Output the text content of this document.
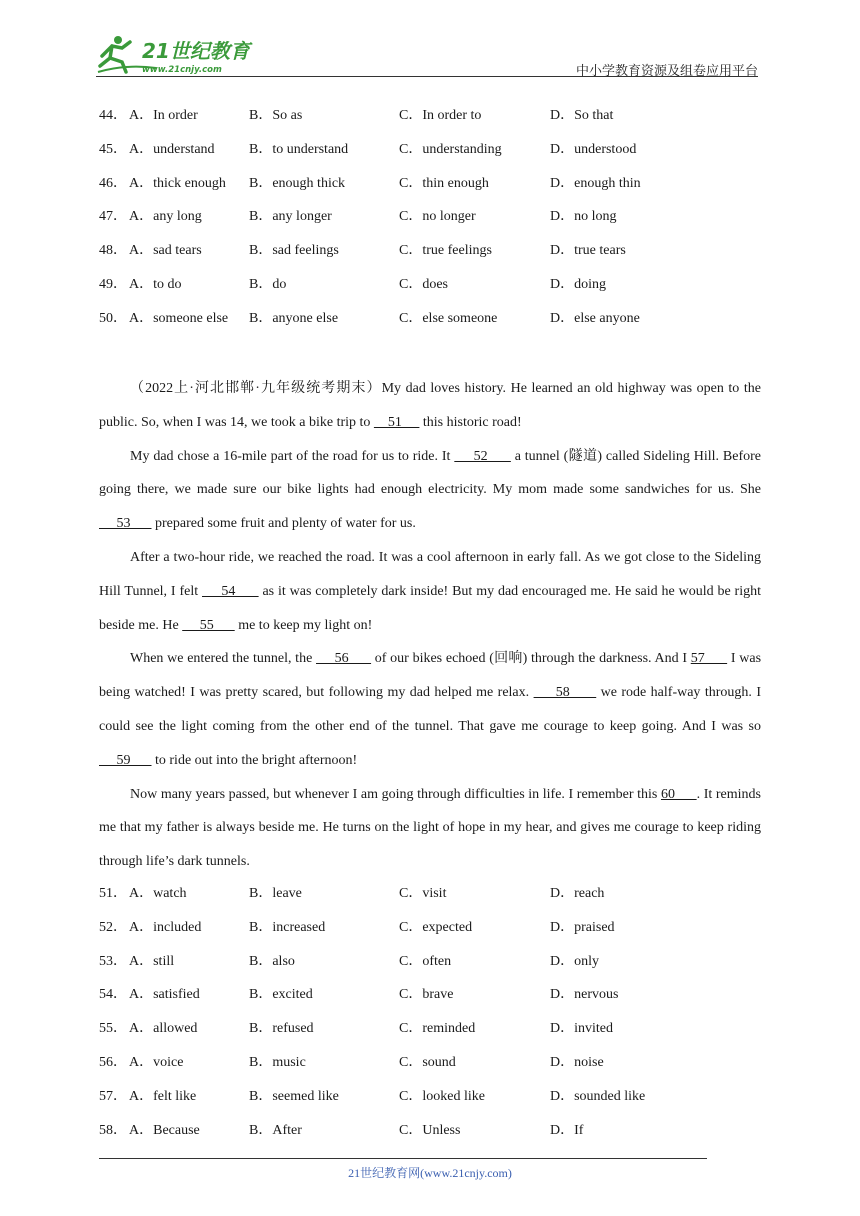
21世纪教育
www.21cnjy.com	中小学教育资源及组卷应用平台
44． A．In order	B．So as	C．In order to	D．So that
45． A．understand B．to understand	C．understanding	D．understood
46． A．thick enough B．enough thick	C．thin enough	D．enough thin
47． A．any long	B．any longer	C．no longer	D．no long
48． A．sad tears	B．sad feelings	C．true feelings	D．true tears
49． A．to do	B．do	C．does	D．doing
50． A．someone else B．anyone else	C．else someone	D．else anyone

（2022上·河北邯郸·九年级统考期末）My dad loves history. He learned an old highway was open to the public. So, when I was 14, we took a bike trip to     51      this historic road!

My dad chose a 16-mile part of the road for us to ride. It      52       a tunnel (隧道) called Sideling Hill. Before going there, we made sure our bike lights had enough electricity. My mom made some sandwiches for us. She      53       prepared some fruit and plenty of water for us.

After a two-hour ride, we reached the road. It was a cool afternoon in early fall. As we got close to the Sideling Hill Tunnel, I felt      54       as it was completely dark inside! But my dad encouraged me. He said he would be right beside me. He      55       me to keep my light on!

When we entered the tunnel, the      56       of our bikes echoed (回响) through the darkness. And I 57       I was being watched! I was pretty scared, but following my dad helped me relax.      58       we rode half-way through. I could see the light coming from the other end of the tunnel. That gave me courage to keep going. And I was so      59       to ride out into the bright afternoon!

Now many years passed, but whenever I am going through difficulties in life. I remember this 60      . It reminds me that my father is always beside me. He turns on the light of hope in my hear, and gives me courage to keep riding through life’s dark tunnels.

51． A．watch	B．leave	C．visit	D．reach
52． A．included	B．increased	C．expected	D．praised
53． A．still	B．also	C．often	D．only
54． A．satisfied	B．excited	C．brave	D．nervous
55． A．allowed	B．refused	C．reminded	D．invited
56． A．voice	B．music	C．sound	D．noise
57． A．felt like	B．seemed like	C．looked like	D．sounded like
58． A．Because	B．After	C．Unless	D．If
21世纪教育网(www.21cnjy.com)
